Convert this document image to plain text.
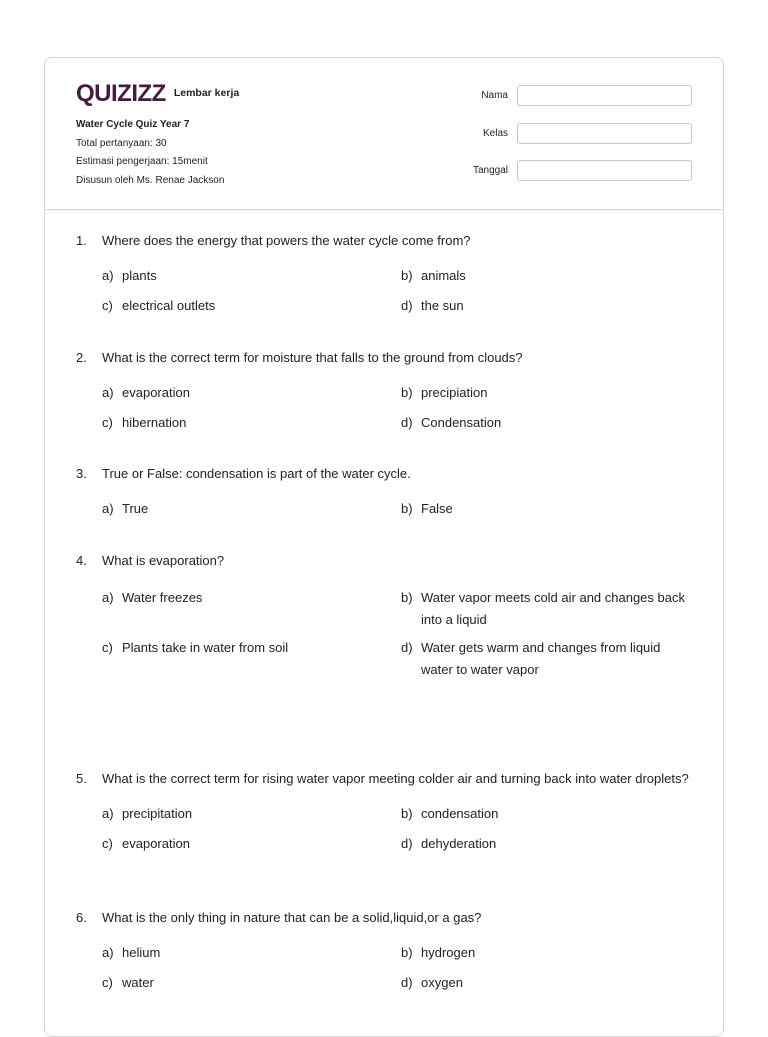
QUIZIZZ Lembar kerja
Water Cycle Quiz Year 7
Total pertanyaan: 30
Estimasi pengerjaan: 15menit
Disusun oleh Ms. Renae Jackson
Nama
Kelas
Tanggal
1. Where does the energy that powers the water cycle come from?
a) plants	b) animals
c) electrical outlets	d) the sun
2. What is the correct term for moisture that falls to the ground from clouds?
a) evaporation	b) precipiation
c) hibernation	d) Condensation
3. True or False: condensation is part of the water cycle.
a) True	b) False
4. What is evaporation?
a) Water freezes	b) Water vapor meets cold air and changes back into a liquid
c) Plants take in water from soil	d) Water gets warm and changes from liquid water to water vapor
5. What is the correct term for rising water vapor meeting colder air and turning back into water droplets?
a) precipitation	b) condensation
c) evaporation	d) dehyderation
6. What is the only thing in nature that can be a solid,liquid,or a gas?
a) helium	b) hydrogen
c) water	d) oxygen
